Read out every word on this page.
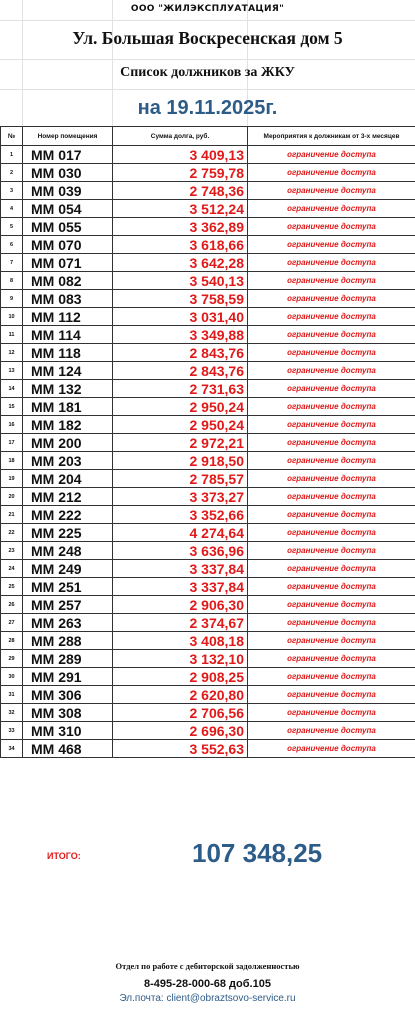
ООО "ЖИЛЭКСПЛУАТАЦИЯ"
Ул. Большая Воскресенская дом 5
Список должников за ЖКУ
на 19.11.2025г.
№	Номер помещения	Сумма долга, руб.	Мероприятия к должникам от 3-х месяцев
1	ММ 017	3 409,13	ограничение доступа
2	ММ 030	2 759,78	ограничение доступа
3	ММ 039	2 748,36	ограничение доступа
4	ММ 054	3 512,24	ограничение доступа
5	ММ 055	3 362,89	ограничение доступа
6	ММ 070	3 618,66	ограничение доступа
7	ММ 071	3 642,28	ограничение доступа
8	ММ 082	3 540,13	ограничение доступа
9	ММ 083	3 758,59	ограничение доступа
10	ММ 112	3 031,40	ограничение доступа
11	ММ 114	3 349,88	ограничение доступа
12	ММ 118	2 843,76	ограничение доступа
13	ММ 124	2 843,76	ограничение доступа
14	ММ 132	2 731,63	ограничение доступа
15	ММ 181	2 950,24	ограничение доступа
16	ММ 182	2 950,24	ограничение доступа
17	ММ 200	2 972,21	ограничение доступа
18	ММ 203	2 918,50	ограничение доступа
19	ММ 204	2 785,57	ограничение доступа
20	ММ 212	3 373,27	ограничение доступа
21	ММ 222	3 352,66	ограничение доступа
22	ММ 225	4 274,64	ограничение доступа
23	ММ 248	3 636,96	ограничение доступа
24	ММ 249	3 337,84	ограничение доступа
25	ММ 251	3 337,84	ограничение доступа
26	ММ 257	2 906,30	ограничение доступа
27	ММ 263	2 374,67	ограничение доступа
28	ММ 288	3 408,18	ограничение доступа
29	ММ 289	3 132,10	ограничение доступа
30	ММ 291	2 908,25	ограничение доступа
31	ММ 306	2 620,80	ограничение доступа
32	ММ 308	2 706,56	ограничение доступа
33	ММ 310	2 696,30	ограничение доступа
34	ММ 468	3 552,63	ограничение доступа
ИТОГО:	107 348,25
Отдел по работе с дебиторской задолженностью
8-495-28-000-68 доб.105
Эл.почта: client@obraztsovo-service.ru
